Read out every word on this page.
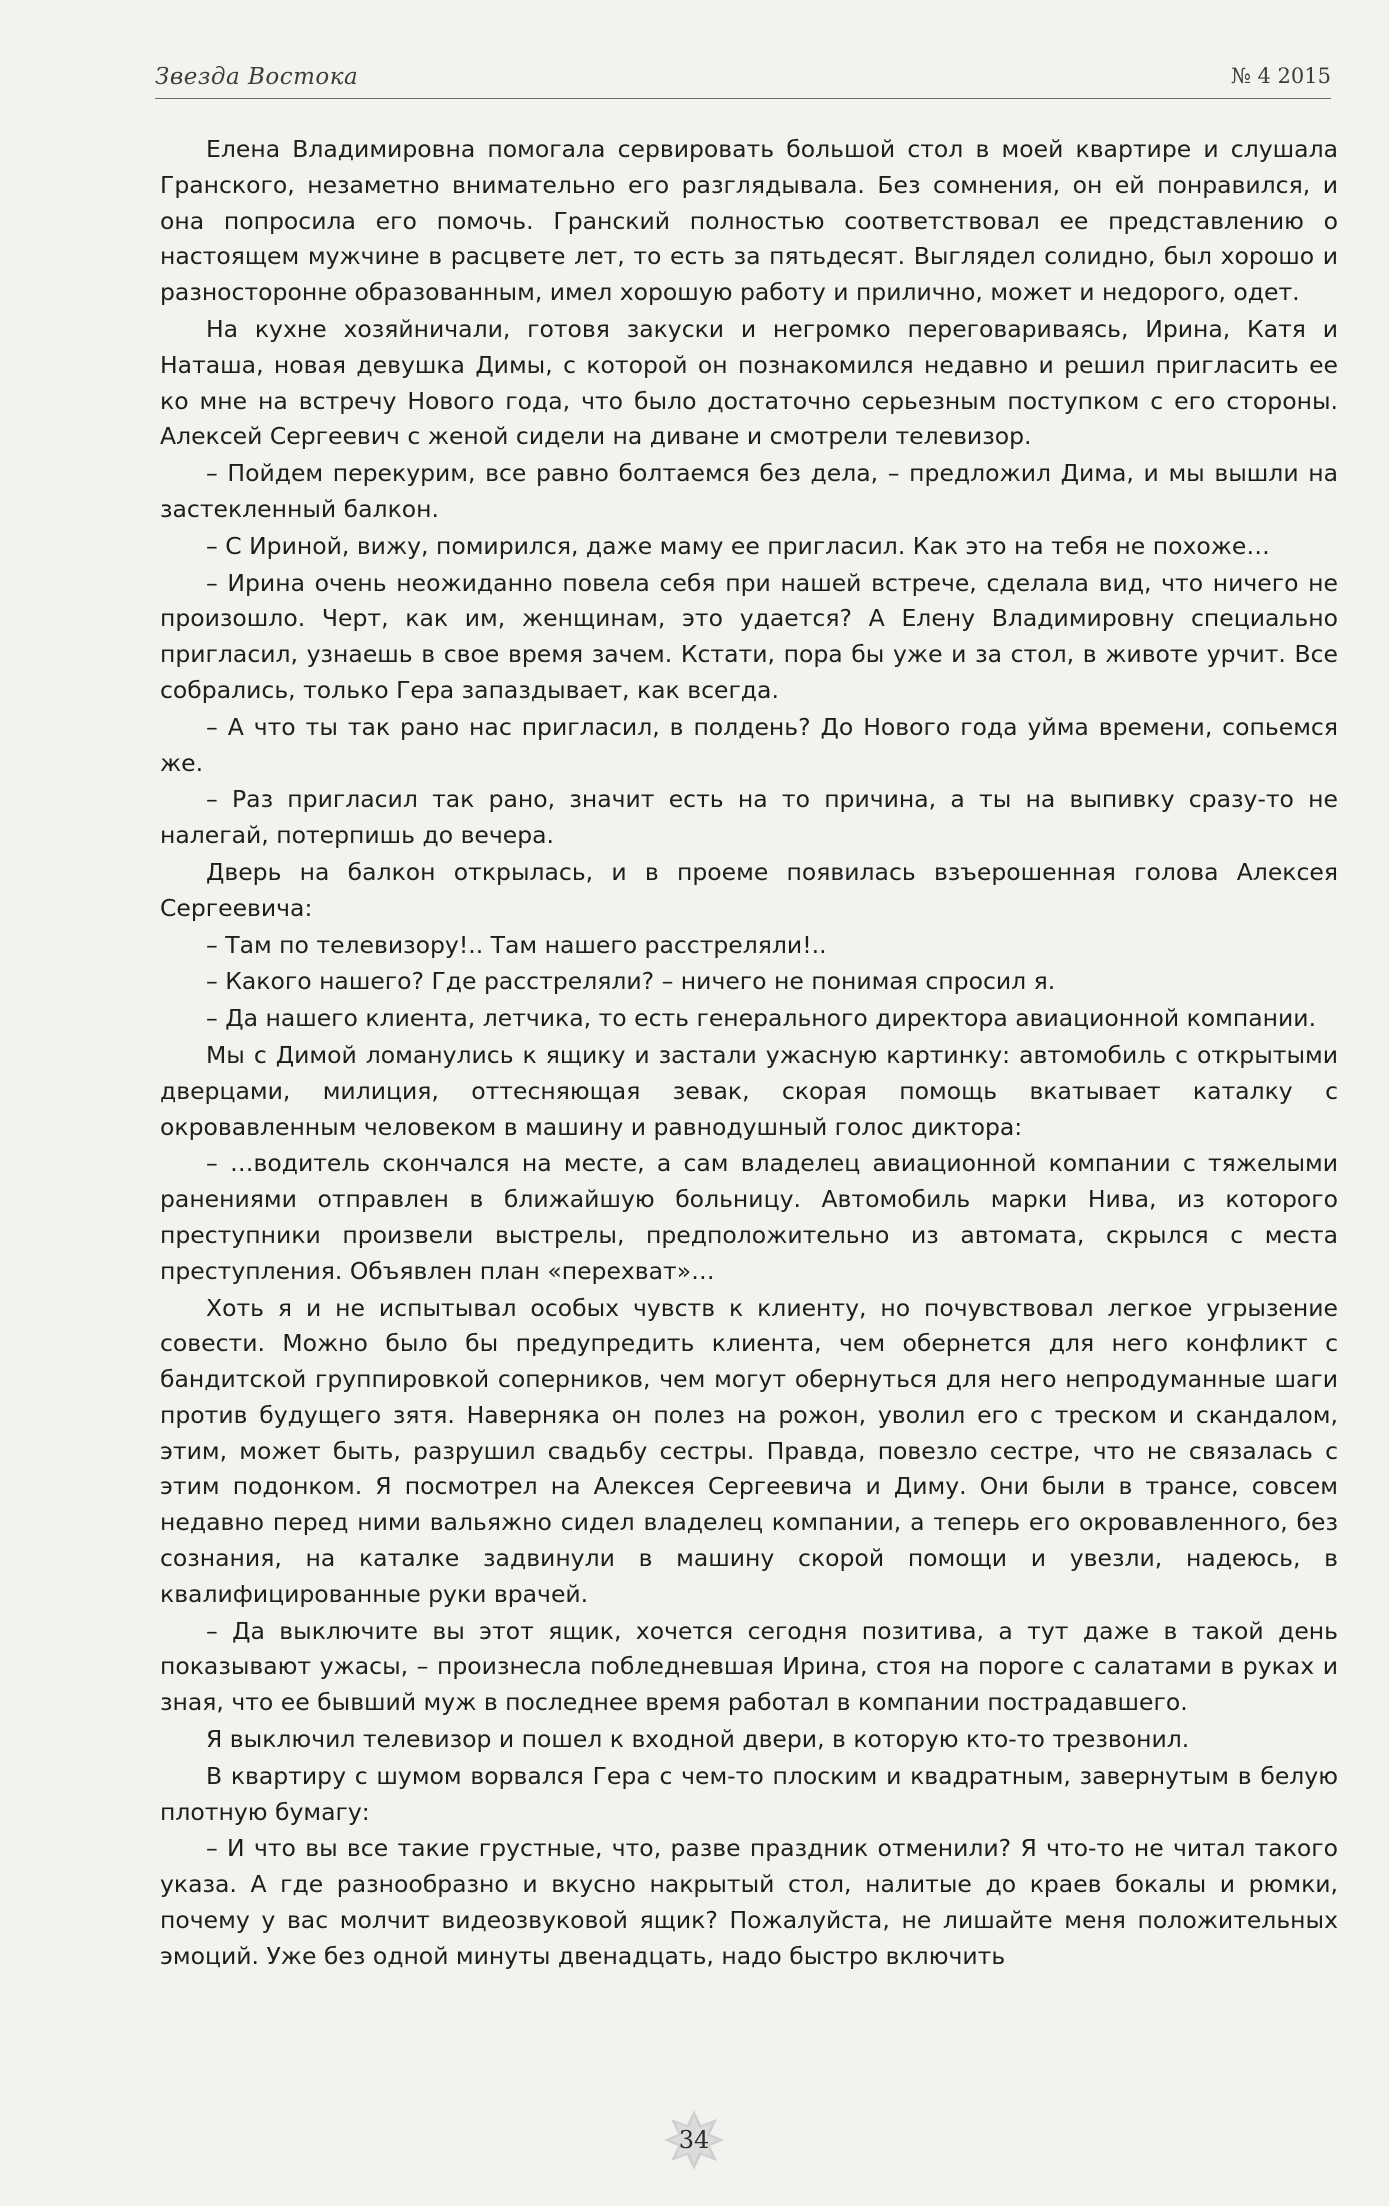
Звезда Востока	№ 4 2015

Елена Владимировна помогала сервировать большой стол в моей квартире и слушала Гранского, незаметно внимательно его разглядывала. Без сомнения, он ей понравился, и она попросила его помочь. Гранский полностью соответствовал ее представлению о настоящем мужчине в расцвете лет, то есть за пятьдесят. Выглядел солидно, был хорошо и разносторонне образованным, имел хорошую работу и прилично, может и недорого, одет.

На кухне хозяйничали, готовя закуски и негромко переговариваясь, Ирина, Катя и Наташа, новая девушка Димы, с которой он познакомился недавно и решил пригласить ее ко мне на встречу Нового года, что было достаточно серьезным поступком с его стороны. Алексей Сергеевич с женой сидели на диване и смотрели телевизор.

– Пойдем перекурим, все равно болтаемся без дела, – предложил Дима, и мы вышли на застекленный балкон.

– С Ириной, вижу, помирился, даже маму ее пригласил. Как это на тебя не похоже…

– Ирина очень неожиданно повела себя при нашей встрече, сделала вид, что ничего не произошло. Черт, как им, женщинам, это удается? А Елену Владимировну специально пригласил, узнаешь в свое время зачем. Кстати, пора бы уже и за стол, в животе урчит. Все собрались, только Гера запаздывает, как всегда.

– А что ты так рано нас пригласил, в полдень? До Нового года уйма времени, сопьемся же.

– Раз пригласил так рано, значит есть на то причина, а ты на выпивку сразу-то не налегай, потерпишь до вечера.

Дверь на балкон открылась, и в проеме появилась взъерошенная голова Алексея Сергеевича:

– Там по телевизору!.. Там нашего расстреляли!..

– Какого нашего? Где расстреляли? – ничего не понимая спросил я.

– Да нашего клиента, летчика, то есть генерального директора авиационной компании.

Мы с Димой ломанулись к ящику и застали ужасную картинку: автомобиль с открытыми дверцами, милиция, оттесняющая зевак, скорая помощь вкатывает каталку с окровавленным человеком в машину и равнодушный голос диктора:

– …водитель скончался на месте, а сам владелец авиационной компании с тяжелыми ранениями отправлен в ближайшую больницу. Автомобиль марки Нива, из которого преступники произвели выстрелы, предположительно из автомата, скрылся с места преступления. Объявлен план «перехват»…

Хоть я и не испытывал особых чувств к клиенту, но почувствовал легкое угрызение совести. Можно было бы предупредить клиента, чем обернется для него конфликт с бандитской группировкой соперников, чем могут обернуться для него непродуманные шаги против будущего зятя. Наверняка он полез на рожон, уволил его с треском и скандалом, этим, может быть, разрушил свадьбу сестры. Правда, повезло сестре, что не связалась с этим подонком. Я посмотрел на Алексея Сергеевича и Диму. Они были в трансе, совсем недавно перед ними вальяжно сидел владелец компании, а теперь его окровавленного, без сознания, на каталке задвинули в машину скорой помощи и увезли, надеюсь, в квалифицированные руки врачей.

– Да выключите вы этот ящик, хочется сегодня позитива, а тут даже в такой день показывают ужасы, – произнесла побледневшая Ирина, стоя на пороге с салатами в руках и зная, что ее бывший муж в последнее время работал в компании пострадавшего.

Я выключил телевизор и пошел к входной двери, в которую кто-то трезвонил.

В квартиру с шумом ворвался Гера с чем-то плоским и квадратным, завернутым в белую плотную бумагу:

– И что вы все такие грустные, что, разве праздник отменили? Я что-то не читал такого указа. А где разнообразно и вкусно накрытый стол, налитые до краев бокалы и рюмки, почему у вас молчит видеозвуковой ящик? Пожалуйста, не лишайте меня положительных эмоций. Уже без одной минуты двенадцать, надо быстро включить

34
